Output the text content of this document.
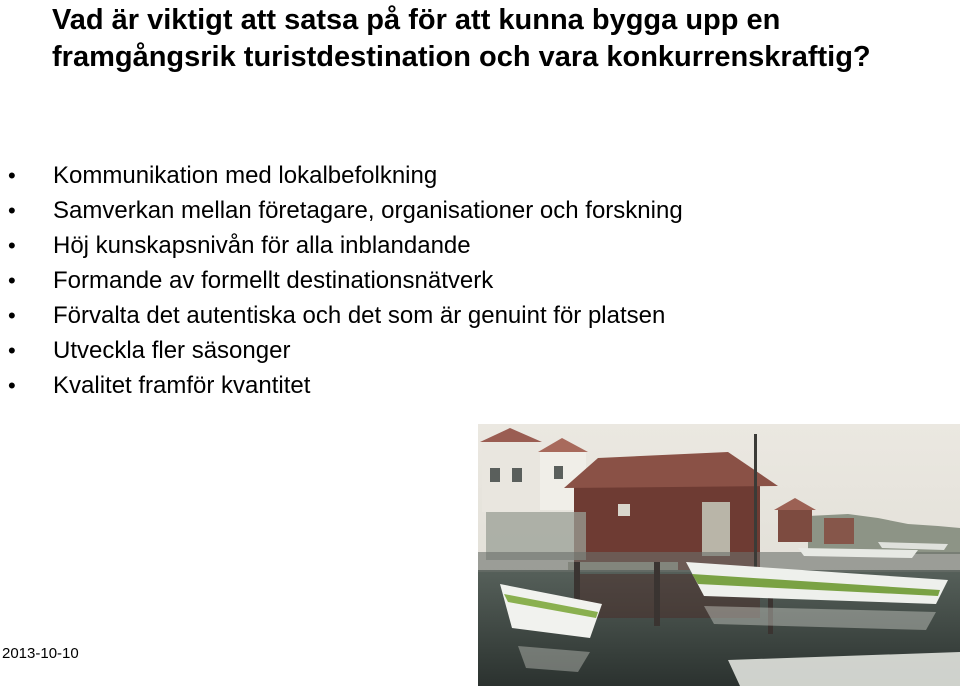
Vad är viktigt att satsa på för att kunna bygga upp en framgångsrik turistdestination och vara konkurrenskraftig?
• Kommunikation med lokalbefolkning
• Samverkan mellan företagare, organisationer och forskning
• Höj kunskapsnivån för alla inblandande
• Formande av formellt destinationsnätverk
• Förvalta det autentiska och det som är genuint för platsen
• Utveckla fler säsonger
• Kvalitet framför kvantitet
2013-10-10
